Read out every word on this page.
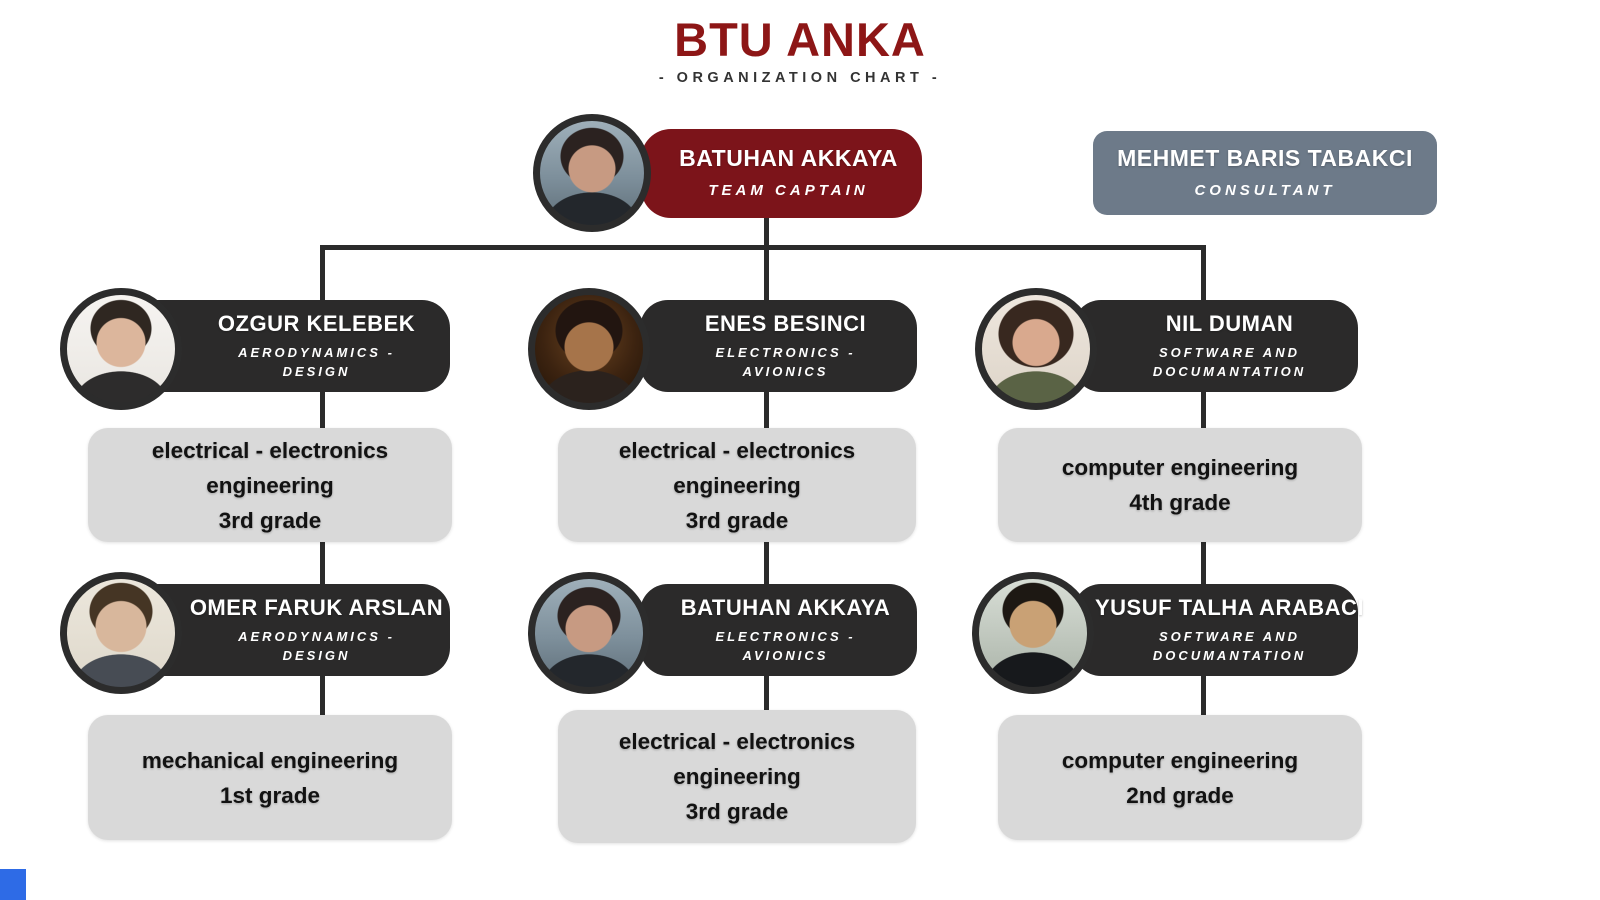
BTU ANKA
- ORGANIZATION CHART -
BATUHAN AKKAYA
TEAM CAPTAIN
MEHMET BARIS TABAKCI
CONSULTANT
OZGUR KELEBEK
AERODYNAMICS -
DESIGN
electrical - electronics
engineering
3rd grade
OMER FARUK ARSLAN
AERODYNAMICS -
DESIGN
mechanical engineering
1st grade
ENES BESINCI
ELECTRONICS -
AVIONICS
electrical - electronics
engineering
3rd grade
BATUHAN AKKAYA
ELECTRONICS -
AVIONICS
electrical - electronics
engineering
3rd grade
NIL DUMAN
SOFTWARE AND
DOCUMANTATION
computer engineering
4th grade
YUSUF TALHA ARABACI
SOFTWARE AND
DOCUMANTATION
computer engineering
2nd grade
